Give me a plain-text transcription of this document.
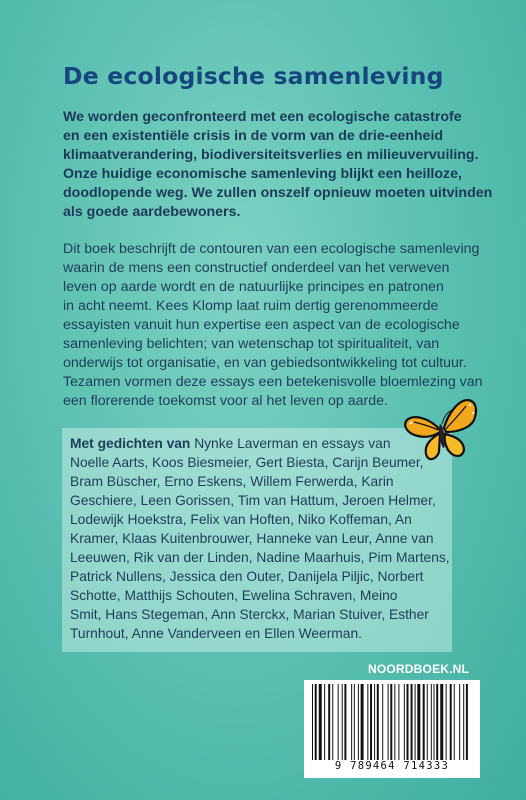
De ecologische samenleving
We worden geconfronteerd met een ecologische catastrofe
en een existentiële crisis in de vorm van de drie-eenheid
klimaatverandering, biodiversiteitsverlies en milieuvervuiling.
Onze huidige economische samenleving blijkt een heilloze,
doodlopende weg. We zullen onszelf opnieuw moeten uitvinden
als goede aardebewoners.
Dit boek beschrijft de contouren van een ecologische samenleving
waarin de mens een constructief onderdeel van het verweven
leven op aarde wordt en de natuurlijke principes en patronen
in acht neemt. Kees Klomp laat ruim dertig gerenommeerde
essayisten vanuit hun expertise een aspect van de ecologische
samenleving belichten; van wetenschap tot spiritualiteit, van
onderwijs tot organisatie, en van gebiedsontwikkeling tot cultuur.
Tezamen vormen deze essays een betekenisvolle bloemlezing van
een florerende toekomst voor al het leven op aarde.
Met gedichten van Nynke Laverman en essays van
Noelle Aarts, Koos Biesmeier, Gert Biesta, Carijn Beumer,
Bram Büscher, Erno Eskens, Willem Ferwerda, Karin
Geschiere, Leen Gorissen, Tim van Hattum, Jeroen Helmer,
Lodewijk Hoekstra, Felix van Hoften, Niko Koffeman, An
Kramer, Klaas Kuitenbrouwer, Hanneke van Leur, Anne van
Leeuwen, Rik van der Linden, Nadine Maarhuis, Pim Martens,
Patrick Nullens, Jessica den Outer, Danijela Piljic, Norbert
Schotte, Matthijs Schouten, Ewelina Schraven, Meino
Smit, Hans Stegeman, Ann Sterckx, Marian Stuiver, Esther
Turnhout, Anne Vanderveen en Ellen Weerman.
NOORDBOEK.NL
9 789464 714333
